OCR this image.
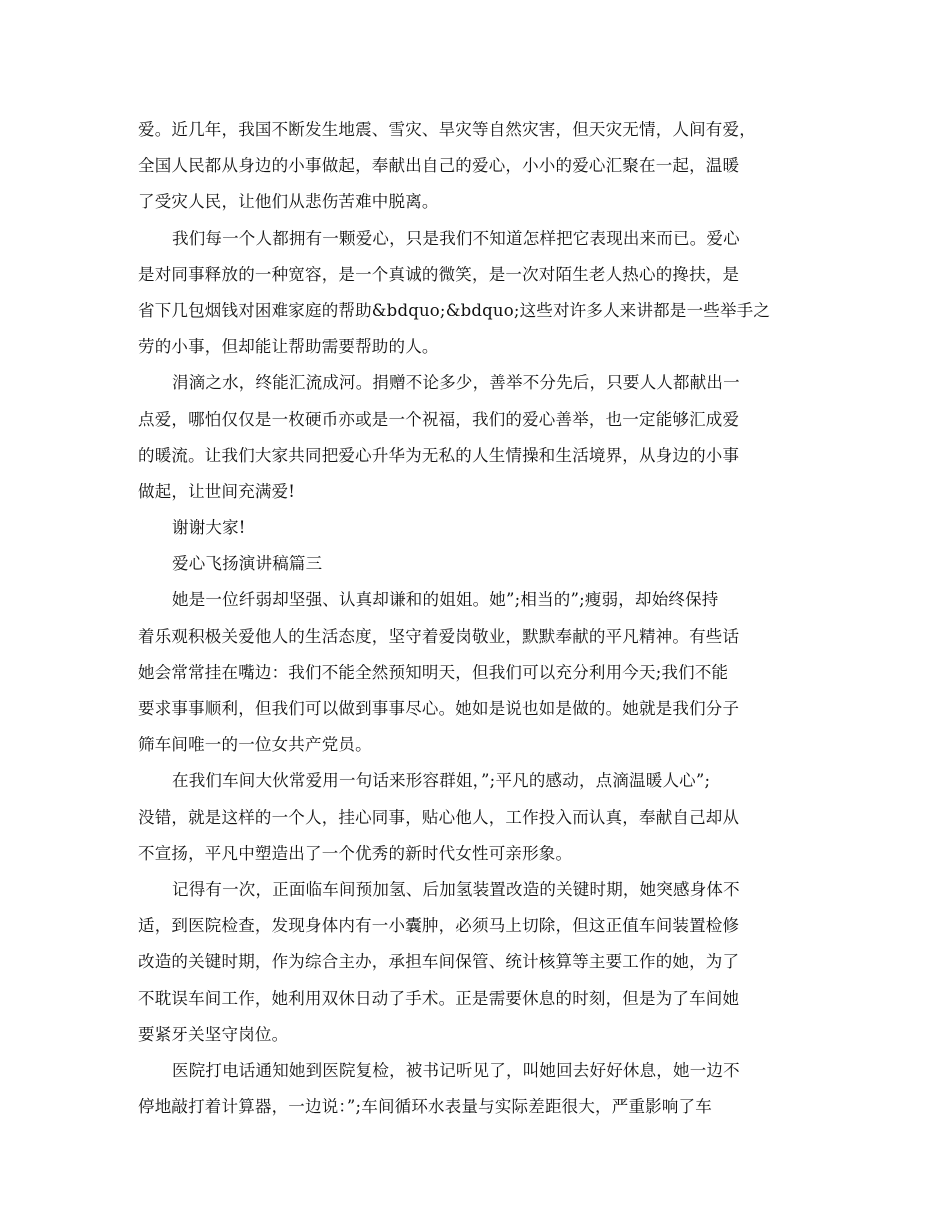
爱。近几年，我国不断发生地震、雪灾、旱灾等自然灾害，但天灾无情，人间有爱，
全国人民都从身边的小事做起，奉献出自己的爱心，小小的爱心汇聚在一起，温暖
了受灾人民，让他们从悲伤苦难中脱离。
我们每一个人都拥有一颗爱心，只是我们不知道怎样把它表现出来而已。爱心
是对同事释放的一种宽容，是一个真诚的微笑，是一次对陌生老人热心的搀扶，是
省下几包烟钱对困难家庭的帮助&bdquo;&bdquo;这些对许多人来讲都是一些举手之
劳的小事，但却能让帮助需要帮助的人。
涓滴之水，终能汇流成河。捐赠不论多少，善举不分先后，只要人人都献出一
点爱，哪怕仅仅是一枚硬币亦或是一个祝福，我们的爱心善举，也一定能够汇成爱
的暖流。让我们大家共同把爱心升华为无私的人生情操和生活境界，从身边的小事
做起，让世间充满爱!
谢谢大家!
爱心飞扬演讲稿篇三
她是一位纤弱却坚强、认真却谦和的姐姐。她”;相当的”;瘦弱，却始终保持
着乐观积极关爱他人的生活态度，坚守着爱岗敬业，默默奉献的平凡精神。有些话
她会常常挂在嘴边：我们不能全然预知明天，但我们可以充分利用今天;我们不能
要求事事顺利，但我们可以做到事事尽心。她如是说也如是做的。她就是我们分子
筛车间唯一的一位女共产党员。
在我们车间大伙常爱用一句话来形容群姐，”;平凡的感动，点滴温暖人心”;
没错，就是这样的一个人，挂心同事，贴心他人，工作投入而认真，奉献自己却从
不宣扬，平凡中塑造出了一个优秀的新时代女性可亲形象。
记得有一次，正面临车间预加氢、后加氢装置改造的关键时期，她突感身体不
适，到医院检查，发现身体内有一小囊肿，必须马上切除，但这正值车间装置检修
改造的关键时期，作为综合主办，承担车间保管、统计核算等主要工作的她，为了
不耽误车间工作，她利用双休日动了手术。正是需要休息的时刻，但是为了车间她
要紧牙关坚守岗位。
医院打电话通知她到医院复检，被书记听见了，叫她回去好好休息，她一边不
停地敲打着计算器，一边说：”;车间循环水表量与实际差距很大，严重影响了车
